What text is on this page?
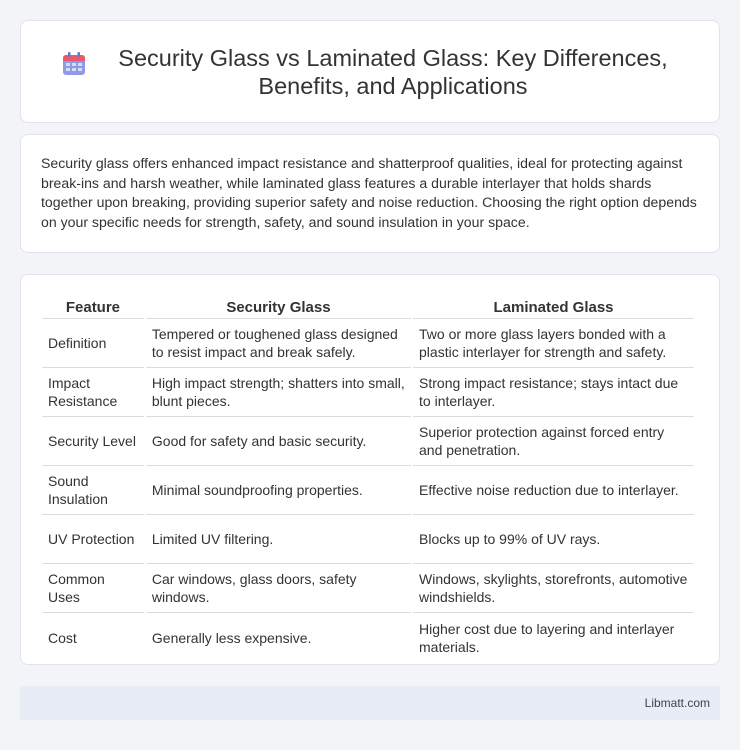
Security Glass vs Laminated Glass: Key Differences, Benefits, and Applications

Security glass offers enhanced impact resistance and shatterproof qualities, ideal for protecting against break-ins and harsh weather, while laminated glass features a durable interlayer that holds shards together upon breaking, providing superior safety and noise reduction. Choosing the right option depends on your specific needs for strength, safety, and sound insulation in your space.

Feature	Security Glass	Laminated Glass
Definition	Tempered or toughened glass designed to resist impact and break safely.	Two or more glass layers bonded with a plastic interlayer for strength and safety.
Impact Resistance	High impact strength; shatters into small, blunt pieces.	Strong impact resistance; stays intact due to interlayer.
Security Level	Good for safety and basic security.	Superior protection against forced entry and penetration.
Sound Insulation	Minimal soundproofing properties.	Effective noise reduction due to interlayer.
UV Protection	Limited UV filtering.	Blocks up to 99% of UV rays.
Common Uses	Car windows, glass doors, safety windows.	Windows, skylights, storefronts, automotive windshields.
Cost	Generally less expensive.	Higher cost due to layering and interlayer materials.
Libmatt.com
